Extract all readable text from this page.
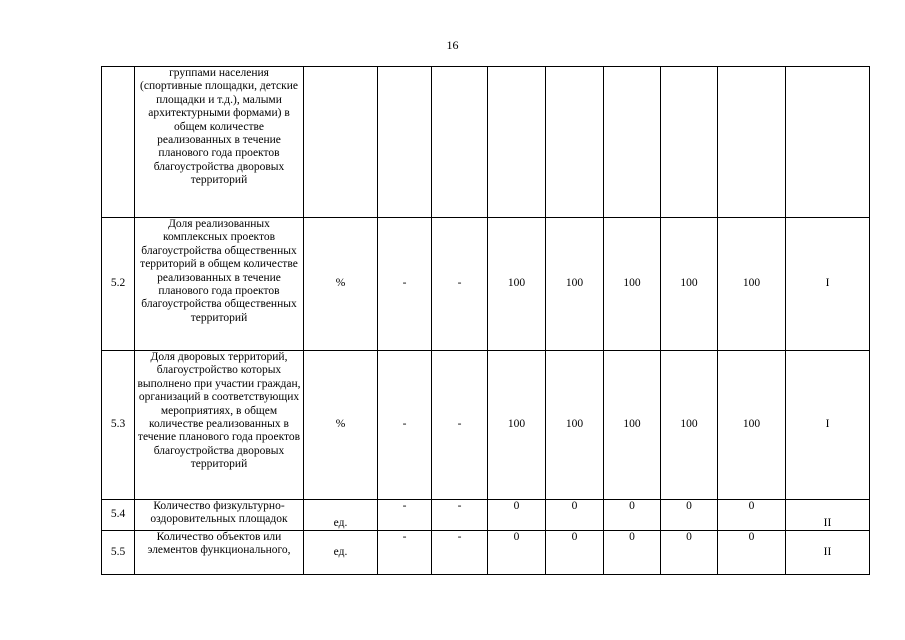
16
	группами населения (спортивные площадки, детские площадки и т.д.), малыми архитектурными формами) в общем количестве реализованных в течение планового года проектов благоустройства дворовых территорий									
5.2	Доля реализованных комплексных проектов благоустройства общественных территорий в общем количестве реализованных в течение планового года проектов благоустройства общественных территорий	%	-	-	100	100	100	100	100	I
5.3	Доля дворовых территорий, благоустройство которых выполнено при участии граждан, организаций в соответствующих мероприятиях, в общем количестве реализованных в течение планового года проектов благоустройства дворовых территорий	%	-	-	100	100	100	100	100	I
5.4	Количество физкультурно-оздоровительных площадок	ед.	-	-	0	0	0	0	0	II
5.5	Количество объектов или элементов функционального,	ед.	-	-	0	0	0	0	0	II
